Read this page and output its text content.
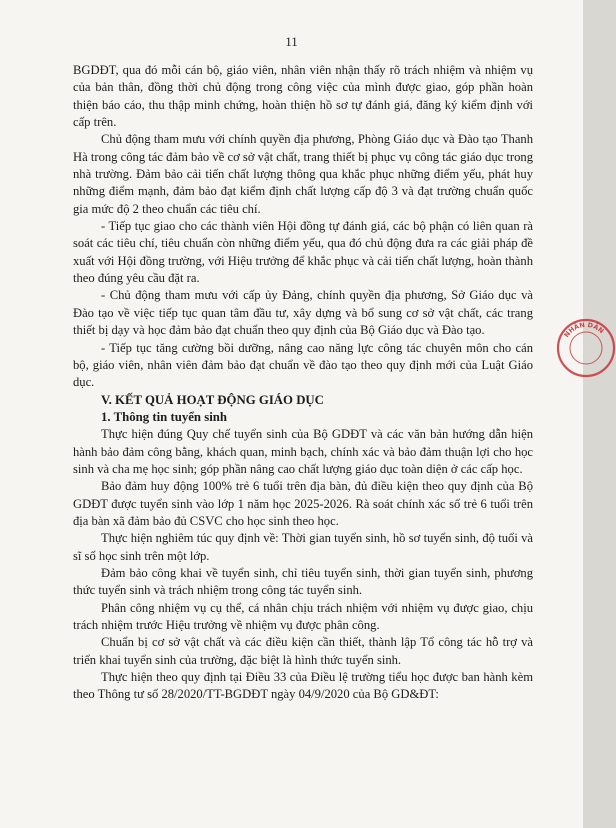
11

BGDĐT, qua đó mỗi cán bộ, giáo viên, nhân viên nhận thấy rõ trách nhiệm và nhiệm vụ của bản thân, đồng thời chủ động trong công việc của mình được giao, góp phần hoàn thiện báo cáo, thu thập minh chứng, hoàn thiện hồ sơ tự đánh giá, đăng ký kiểm định với cấp trên.

Chủ động tham mưu với chính quyền địa phương, Phòng Giáo dục và Đào tạo Thanh Hà trong công tác đảm bảo về cơ sở vật chất, trang thiết bị phục vụ công tác giáo dục trong nhà trường. Đảm bảo cải tiến chất lượng thông qua khắc phục những điểm yếu, phát huy những điểm mạnh, đảm bảo đạt kiểm định chất lượng cấp độ 3 và đạt trường chuẩn quốc gia mức độ 2 theo chuẩn các tiêu chí.

- Tiếp tục giao cho các thành viên Hội đồng tự đánh giá, các bộ phận có liên quan rà soát các tiêu chí, tiêu chuẩn còn những điểm yếu, qua đó chủ động đưa ra các giải pháp đề xuất với Hội đồng trường, với Hiệu trưởng để khắc phục và cải tiến chất lượng, hoàn thành theo đúng yêu cầu đặt ra.

- Chủ động tham mưu với cấp ủy Đảng, chính quyền địa phương, Sở Giáo dục và Đào tạo về việc tiếp tục quan tâm đầu tư, xây dựng và bổ sung cơ sở vật chất, các trang thiết bị dạy và học đảm bảo đạt chuẩn theo quy định của Bộ Giáo dục và Đào tạo.

- Tiếp tục tăng cường bồi dưỡng, nâng cao năng lực công tác chuyên môn cho cán bộ, giáo viên, nhân viên đảm bảo đạt chuẩn về đào tạo theo quy định mới của Luật Giáo dục.

V. KẾT QUẢ HOẠT ĐỘNG GIÁO DỤC
1. Thông tin tuyển sinh

Thực hiện đúng Quy chế tuyển sinh của Bộ GDĐT và các văn bản hướng dẫn hiện hành bảo đảm công bằng, khách quan, minh bạch, chính xác và bảo đảm thuận lợi cho học sinh và cha mẹ học sinh; góp phần nâng cao chất lượng giáo dục toàn diện ở các cấp học.

Bảo đảm huy động 100% trẻ 6 tuổi trên địa bàn, đủ điều kiện theo quy định của Bộ GDĐT được tuyển sinh vào lớp 1 năm học 2025-2026. Rà soát chính xác số trẻ 6 tuổi trên địa bàn xã đảm bảo đủ CSVC cho học sinh theo học.

Thực hiện nghiêm túc quy định về: Thời gian tuyển sinh, hồ sơ tuyển sinh, độ tuổi và sĩ số học sinh trên một lớp.

Đảm bảo công khai về tuyển sinh, chỉ tiêu tuyển sinh, thời gian tuyển sinh, phương thức tuyển sinh và trách nhiệm trong công tác tuyển sinh.

Phân công nhiệm vụ cụ thể, cá nhân chịu trách nhiệm với nhiệm vụ được giao, chịu trách nhiệm trước Hiệu trưởng về nhiệm vụ được phân công.

Chuẩn bị cơ sở vật chất và các điều kiện cần thiết, thành lập Tổ công tác hỗ trợ và triển khai tuyển sinh của trường, đặc biệt là hình thức tuyển sinh.

Thực hiện theo quy định tại Điều 33 của Điều lệ trường tiểu học được ban hành kèm theo Thông tư số 28/2020/TT-BGDĐT ngày 04/9/2020 của Bộ GD&ĐT:

NHÂN DÂN
